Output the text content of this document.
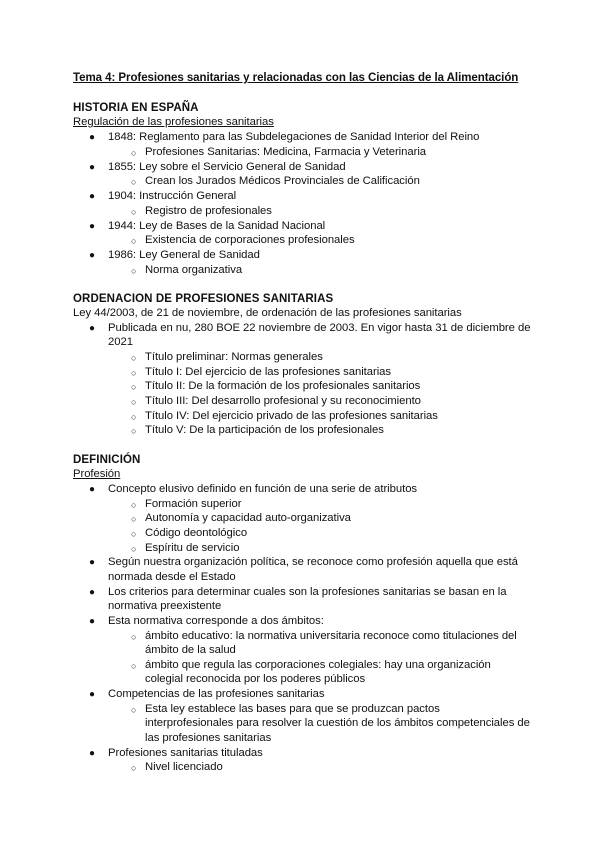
Tema 4: Profesiones sanitarias y relacionadas con las Ciencias de la Alimentación
HISTORIA EN ESPAÑA
Regulación de las profesiones sanitarias
● 1848: Reglamento para las Subdelegaciones de Sanidad Interior del Reino
○ Profesiones Sanitarias: Medicina, Farmacia y Veterinaria
● 1855: Ley sobre el Servicio General de Sanidad
○ Crean los Jurados Médicos Provinciales de Calificación
● 1904: Instrucción General
○ Registro de profesionales
● 1944: Ley de Bases de la Sanidad Nacional
○ Existencia de corporaciones profesionales
● 1986: Ley General de Sanidad
○ Norma organizativa
ORDENACION DE PROFESIONES SANITARIAS
Ley 44/2003, de 21 de noviembre, de ordenación de las profesiones sanitarias
● Publicada en nu, 280 BOE 22 noviembre de 2003. En vigor hasta 31 de diciembre de
2021
○ Título preliminar: Normas generales
○ Título I: Del ejercicio de las profesiones sanitarias
○ Título II: De la formación de los profesionales sanitarios
○ Título III: Del desarrollo profesional y su reconocimiento
○ Título IV: Del ejercicio privado de las profesiones sanitarias
○ Título V: De la participación de los profesionales
DEFINICIÓN
Profesión
● Concepto elusivo definido en función de una serie de atributos
○ Formación superior
○ Autonomía y capacidad auto-organizativa
○ Código deontológico
○ Espíritu de servicio
● Según nuestra organización política, se reconoce como profesión aquella que está
normada desde el Estado
● Los criterios para determinar cuales son la profesiones sanitarias se basan en la
normativa preexistente
● Esta normativa corresponde a dos ámbitos:
○ ámbito educativo: la normativa universitaria reconoce como titulaciones del
ámbito de la salud
○ ámbito que regula las corporaciones colegiales: hay una organización
colegial reconocida por los poderes públicos
● Competencias de las profesiones sanitarias
○ Esta ley establece las bases para que se produzcan pactos
interprofesionales para resolver la cuestión de los ámbitos competenciales de
las profesiones sanitarias
● Profesiones sanitarias tituladas
○ Nivel licenciado
